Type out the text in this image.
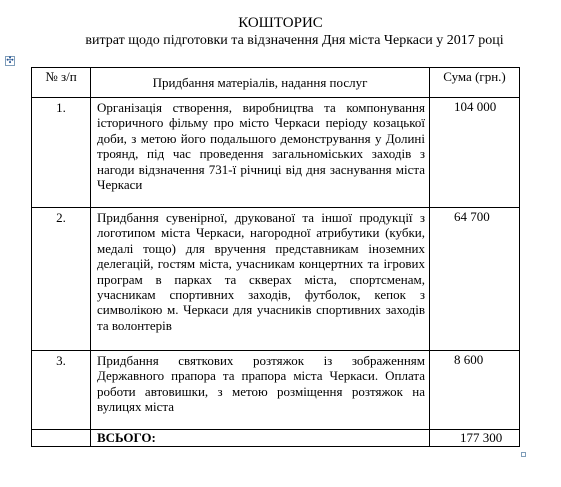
КОШТОРИС
витрат щодо підготовки та відзначення Дня міста Черкаси у 2017 році
✣
№ з/п	Придбання матеріалів, надання послуг	Сума (грн.)
1.	Організація створення, виробництва та компонування історичного фільму про місто Черкаси періоду козацької доби, з метою його подальшого демонстрування у Долині троянд, під час проведення загальноміських заходів з нагоди відзначення 731-ї річниці від дня заснування міста Черкаси	104 000
2.	Придбання сувенірної, друкованої та іншої продукції з логотипом міста Черкаси, нагородної атрибутики (кубки, медалі тощо) для вручення представникам іноземних делегацій, гостям міста, учасникам концертних та ігрових програм в парках та скверах міста, спортсменам, учасникам спортивних заходів, футболок, кепок з символікою м. Черкаси для учасників спортивних заходів та волонтерів	64 700
3.	Придбання святкових розтяжок із зображенням Державного прапора та прапора міста Черкаси. Оплата роботи автовишки, з метою розміщення розтяжок на вулицях міста	8 600
	ВСЬОГО:	177 300
